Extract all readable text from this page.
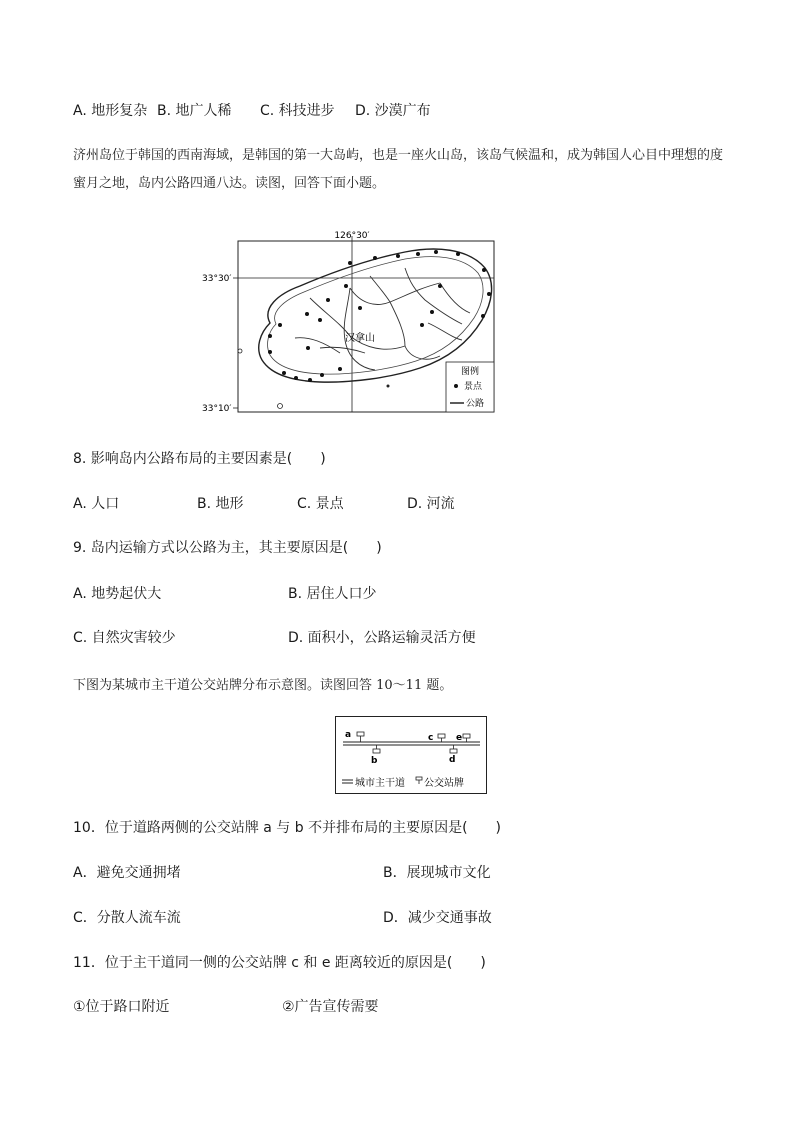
A. 地形复杂 B. 地广人稀 C. 科技进步 D. 沙漠广布
济州岛位于韩国的西南海域，是韩国的第一大岛屿，也是一座火山岛，该岛气候温和，成为韩国人心目中理想的度蜜月之地，岛内公路四通八达。读图，回答下面小题。
126°30′
33°30′
33°10′
汉拿山
图例
景点
公路
8. 影响岛内公路布局的主要因素是(　　)
A. 人口	B. 地形	C. 景点	D. 河流
9. 岛内运输方式以公路为主，其主要原因是(　　)
A. 地势起伏大	B. 居住人口少
C. 自然灾害较少	D. 面积小，公路运输灵活方便
下图为某城市主干道公交站牌分布示意图。读图回答 10～11 题。
a
b
c	e
d
城市主干道 公交站牌
10．位于道路两侧的公交站牌 a 与 b 不并排布局的主要原因是(　　)
A．避免交通拥堵	B．展现城市文化
C．分散人流车流	D．减少交通事故
11．位于主干道同一侧的公交站牌 c 和 e 距离较近的原因是(　　)
①位于路口附近	②广告宣传需要
